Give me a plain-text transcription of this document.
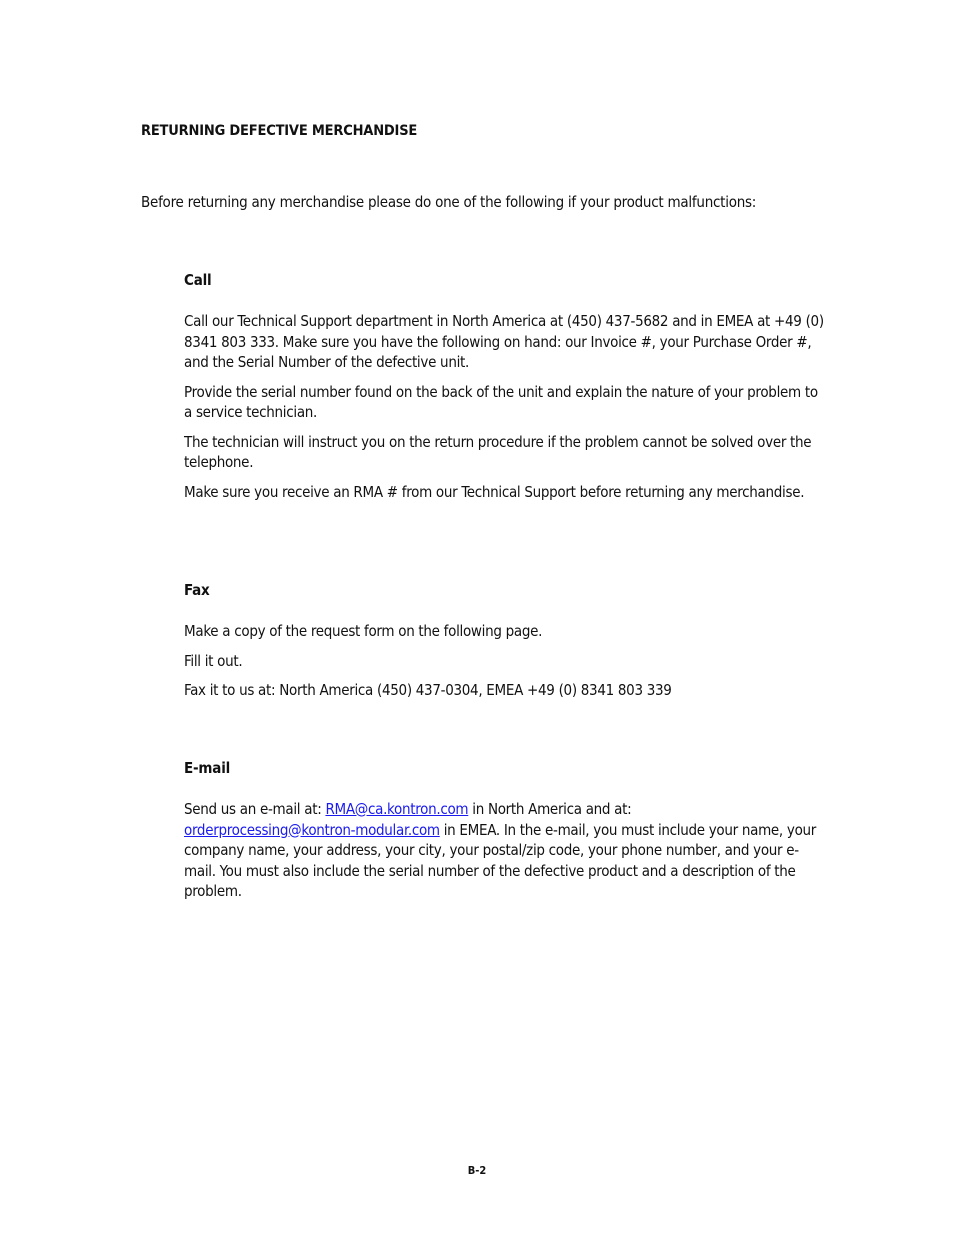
RETURNING DEFECTIVE MERCHANDISE
Before returning any merchandise please do one of the following if your product malfunctions:

Call

Call our Technical Support department in North America at (450) 437-5682 and in EMEA at +49 (0) 8341 803 333. Make sure you have the following on hand: our Invoice #, your Purchase Order #, and the Serial Number of the defective unit.

Provide the serial number found on the back of the unit and explain the nature of your problem to a service technician.

The technician will instruct you on the return procedure if the problem cannot be solved over the telephone.

Make sure you receive an RMA # from our Technical Support before returning any merchandise.

Fax

Make a copy of the request form on the following page.

Fill it out.

Fax it to us at: North America (450) 437-0304, EMEA +49 (0) 8341 803 339

E-mail

Send us an e-mail at: RMA@ca.kontron.com in North America and at:
orderprocessing@kontron-modular.com in EMEA. In the e-mail, you must include your name, your company name, your address, your city, your postal/zip code, your phone number, and your e-mail. You must also include the serial number of the defective product and a description of the problem.

B-2
